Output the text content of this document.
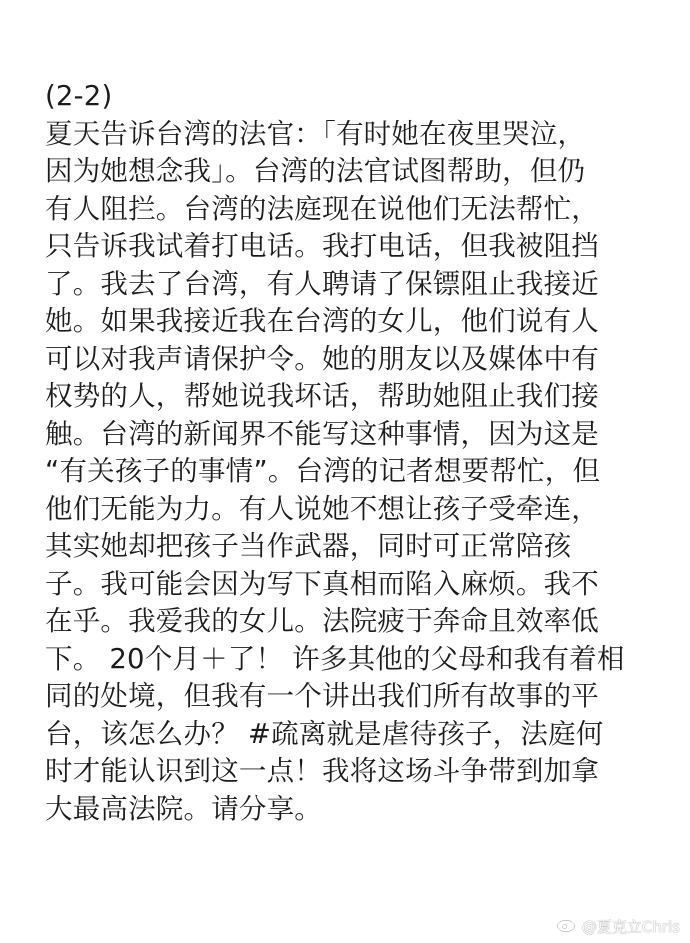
(2-2)
夏天告诉台湾的法官：「有时她在夜里哭泣，
因为她想念我」。台湾的法官试图帮助，但仍
有人阻拦。台湾的法庭现在说他们无法帮忙，
只告诉我试着打电话。我打电话，但我被阻挡
了。我去了台湾，有人聘请了保镖阻止我接近
她。如果我接近我在台湾的女儿，他们说有人
可以对我声请保护令。她的朋友以及媒体中有
权势的人，帮她说我坏话，帮助她阻止我们接
触。台湾的新闻界不能写这种事情，因为这是
“有关孩子的事情”。台湾的记者想要帮忙，但
他们无能为力。有人说她不想让孩子受牵连，
其实她却把孩子当作武器，同时可正常陪孩
子。我可能会因为写下真相而陷入麻烦。我不
在乎。我爱我的女儿。法院疲于奔命且效率低
下。 20个月＋了！ 许多其他的父母和我有着相
同的处境，但我有一个讲出我们所有故事的平
台，该怎么办？ #疏离就是虐待孩子，法庭何
时才能认识到这一点！我将这场斗争带到加拿
大最高法院。请分享。
@夏克立Chris
